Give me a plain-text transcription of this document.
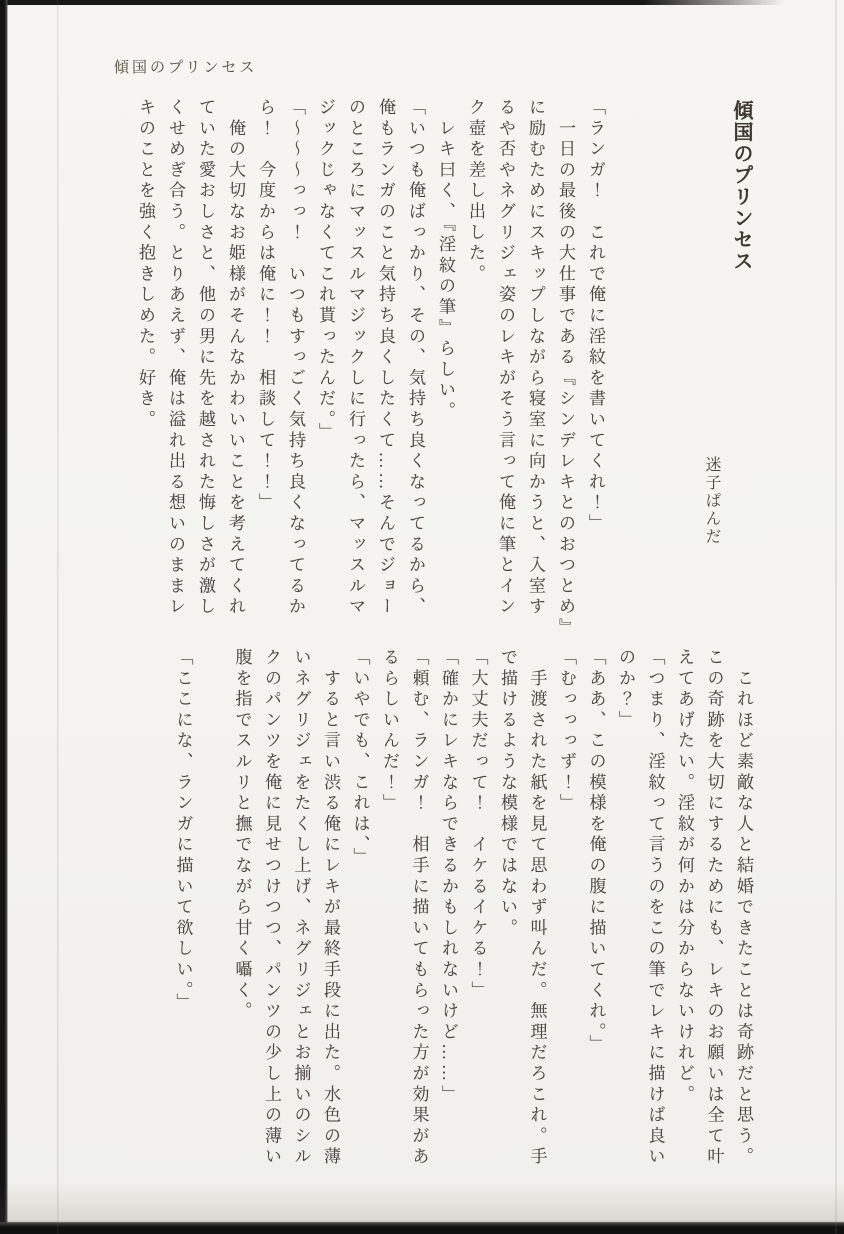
傾国のプリンセス
傾国のプリンセス
迷子ぱんだ
「ランガ！　これで俺に淫紋を書いてくれ！」
　一日の最後の大仕事である『シンデレキとのおつとめ』
に励むためにスキップしながら寝室に向かうと、入室す
るや否やネグリジェ姿のレキがそう言って俺に筆とイン
ク壺を差し出した。
　レキ曰く、『淫紋の筆』らしい。
「いつも俺ばっかり、その、気持ち良くなってるから、
俺もランガのこと気持ち良くしたくて……そんでジョー
のところにマッスルマジックしに行ったら、マッスルマ
ジックじゃなくてこれ貰ったんだ。」
「〜〜〜っっ！　いつもすっごく気持ち良くなってるか
ら！　今度からは俺に！！　相談して！！」
　俺の大切なお姫様がそんなかわいいことを考えてくれ
ていた愛おしさと、他の男に先を越された悔しさが激し
くせめぎ合う。とりあえず、俺は溢れ出る想いのままレ
キのことを強く抱きしめた。好き。
　これほど素敵な人と結婚できたことは奇跡だと思う。
この奇跡を大切にするためにも、レキのお願いは全て叶
えてあげたい。淫紋が何かは分からないけれど。
「つまり、淫紋って言うのをこの筆でレキに描けば良い
のか？」
「ああ、この模様を俺の腹に描いてくれ。」
「むっっっず！」
　手渡された紙を見て思わず叫んだ。無理だろこれ。手
で描けるような模様ではない。
「大丈夫だって！　イケるイケる！」
「確かにレキならできるかもしれないけど……」
「頼む、ランガ！　相手に描いてもらった方が効果があ
るらしいんだ！」
「いやでも、これは、」
　すると言い渋る俺にレキが最終手段に出た。水色の薄
いネグリジェをたくし上げ、ネグリジェとお揃いのシル
クのパンツを俺に見せつけつつ、パンツの少し上の薄い
腹を指でスルリと撫でながら甘く囁く。

「ここにな、ランガに描いて欲しい。」
